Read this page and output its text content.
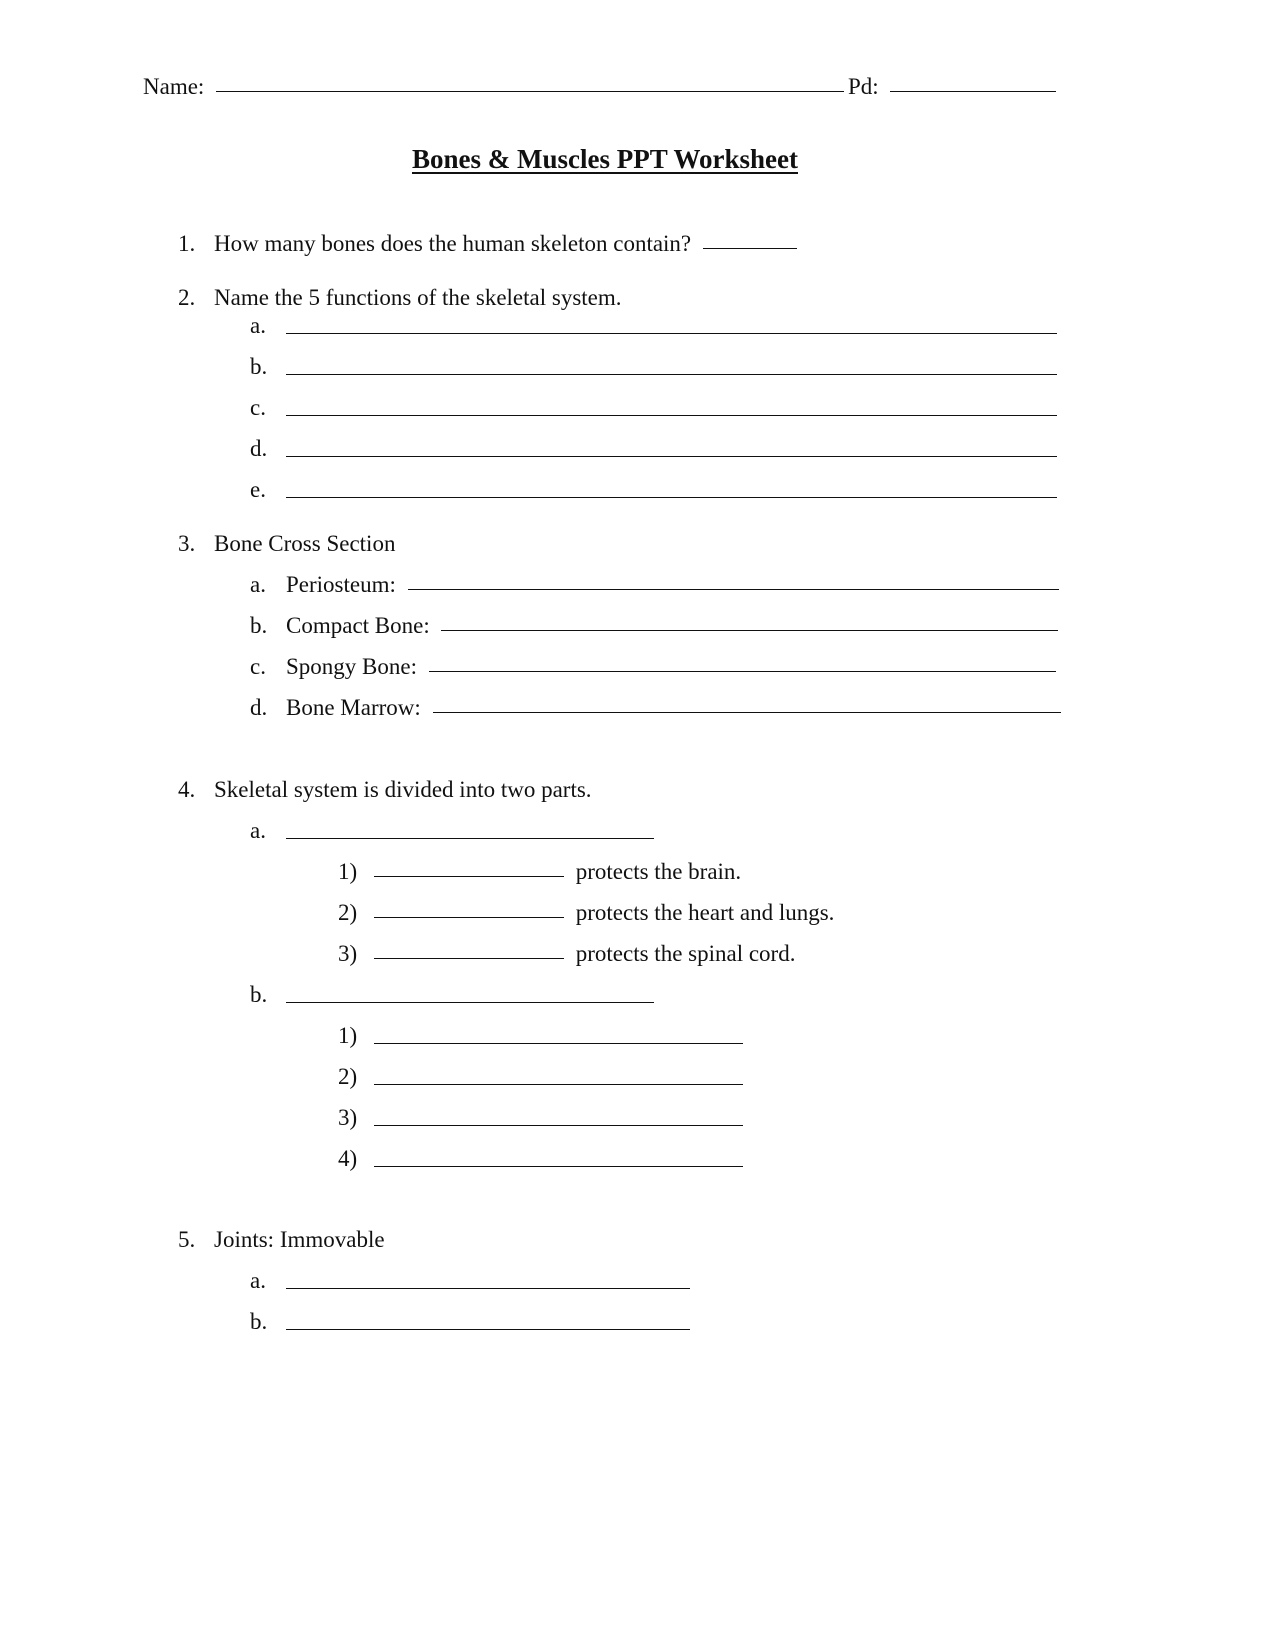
Name:	Pd:
Bones & Muscles PPT Worksheet
1. How many bones does the human skeleton contain?
2. Name the 5 functions of the skeletal system.
a.
b.
c.
d.
e.
3. Bone Cross Section
a. Periosteum:
b. Compact Bone:
c. Spongy Bone:
d. Bone Marrow:
4. Skeletal system is divided into two parts.
a.
1)	protects the brain.
2)	protects the heart and lungs.
3)	protects the spinal cord.
b.
1)
2)
3)
4)
5. Joints: Immovable
a.
b.
